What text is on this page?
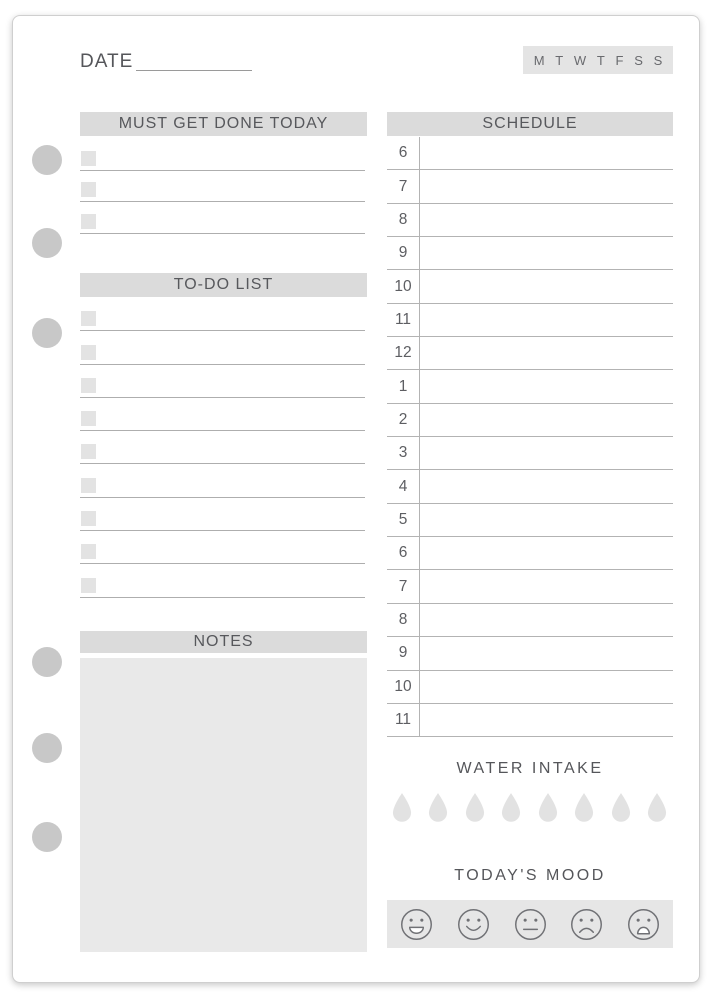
DATE	M T W T F S S
MUST GET DONE TODAY
TO-DO LIST
NOTES
SCHEDULE
6
7
8
9
10
11
12
1
2
3
4
5
6
7
8
9
10
11
WATER INTAKE
TODAY'S MOOD
